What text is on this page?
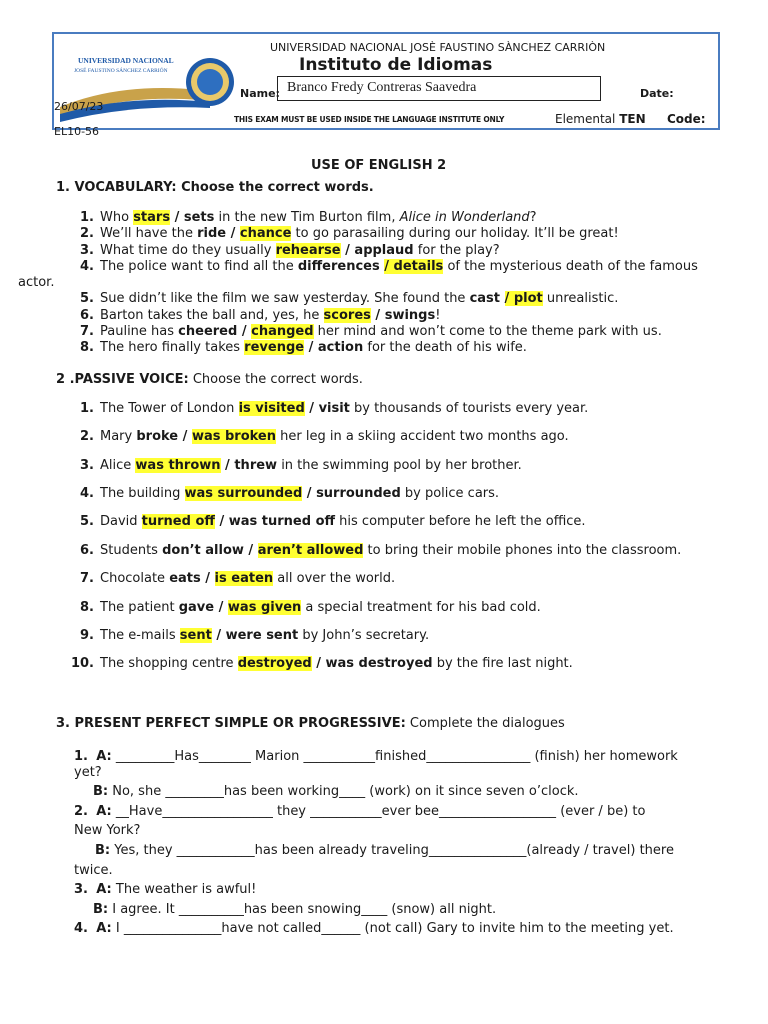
UNIVERSIDAD NACIONAL
JOSÉ FAUSTINO SÁNCHEZ CARRIÓN
UNIVERSIDAD NACIONAL JOSÈ FAUSTINO SÀNCHEZ CARRIÒN
Instituto de Idiomas
Name: Branco Fredy Contreras Saavedra	Date:
26/07/23
THIS EXAM MUST BE USED INSIDE THE LANGUAGE INSTITUTE ONLY	Elemental TEN Code:
EL10-56
USE OF ENGLISH 2
1. VOCABULARY: Choose the correct words.
1. Who stars / sets in the new Tim Burton film, Alice in Wonderland?
2. We’ll have the ride / chance to go parasailing during our holiday. It’ll be great!
3. What time do they usually rehearse / applaud for the play?
4. The police want to find all the differences / details of the mysterious death of the famous
actor.
5. Sue didn’t like the film we saw yesterday. She found the cast / plot unrealistic.
6. Barton takes the ball and, yes, he scores / swings!
7. Pauline has cheered / changed her mind and won’t come to the theme park with us.
8. The hero finally takes revenge / action for the death of his wife.
2 .PASSIVE VOICE: Choose the correct words.
1. The Tower of London is visited / visit by thousands of tourists every year.
2. Mary broke / was broken her leg in a skiing accident two months ago.
3. Alice was thrown / threw in the swimming pool by her brother.
4. The building was surrounded / surrounded by police cars.
5. David turned off / was turned off his computer before he left the office.
6. Students don’t allow / aren’t allowed to bring their mobile phones into the classroom.
7. Chocolate eats / is eaten all over the world.
8. The patient gave / was given a special treatment for his bad cold.
9. The e-mails sent / were sent by John’s secretary.
10. The shopping centre destroyed / was destroyed by the fire last night.
3. PRESENT PERFECT SIMPLE OR PROGRESSIVE: Complete the dialogues
1. A: _________Has________ Marion ___________finished________________ (finish) her homework
yet?
B: No, she _________has been working____ (work) on it since seven o’clock.
2. A: __Have_________________ they ___________ever bee__________________ (ever / be) to
New York?
B: Yes, they ____________has been already traveling_______________(already / travel) there
twice.
3. A: The weather is awful!
B: I agree. It __________has been snowing____ (snow) all night.
4. A: I _______________have not called______ (not call) Gary to invite him to the meeting yet.
